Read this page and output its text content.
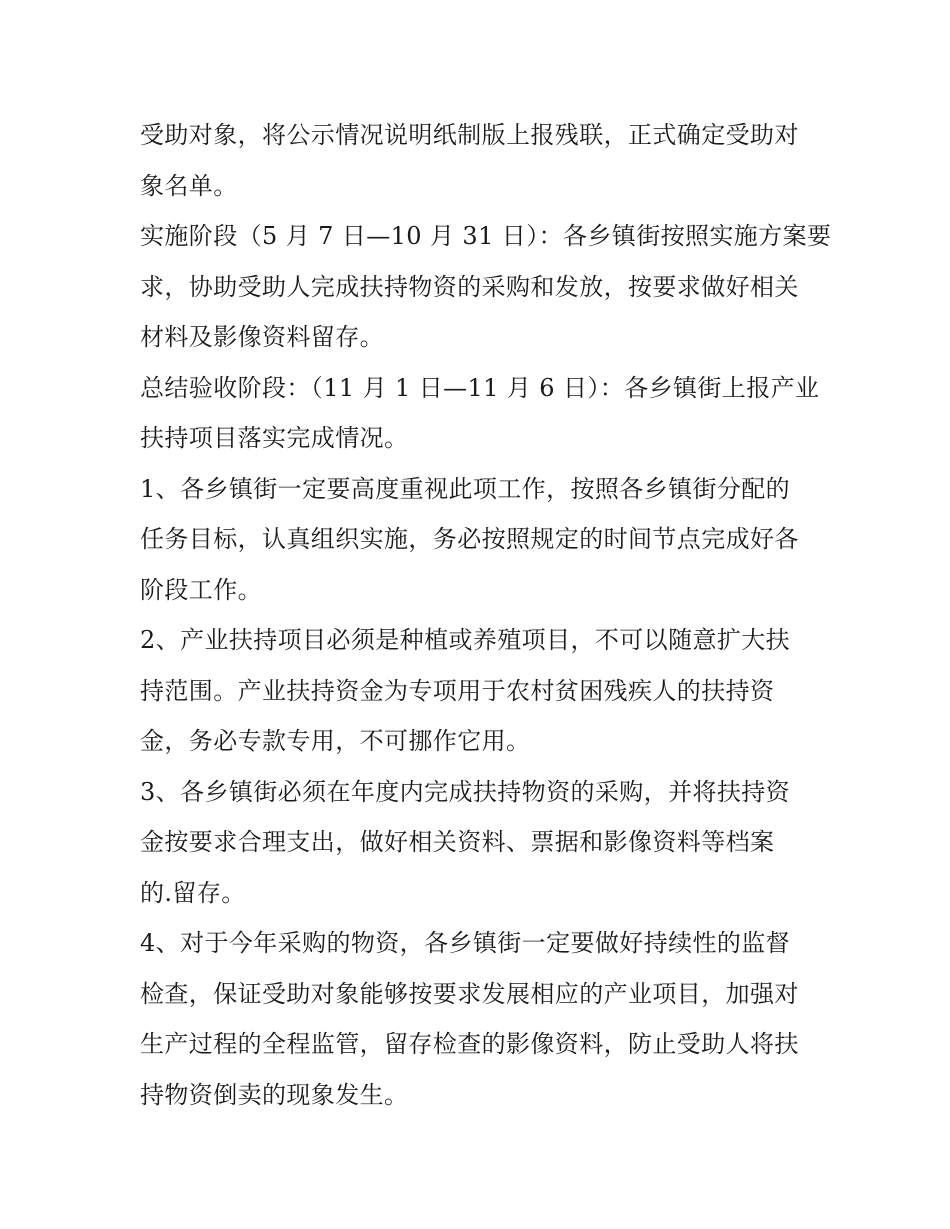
受助对象，将公示情况说明纸制版上报残联，正式确定受助对

象名单。

实施阶段（5 月 7 日—10 月 31 日）：各乡镇街按照实施方案要

求，协助受助人完成扶持物资的采购和发放，按要求做好相关

材料及影像资料留存。

总结验收阶段：（11 月 1 日—11 月 6 日）：各乡镇街上报产业

扶持项目落实完成情况。

1、各乡镇街一定要高度重视此项工作，按照各乡镇街分配的

任务目标，认真组织实施，务必按照规定的时间节点完成好各

阶段工作。

2、产业扶持项目必须是种植或养殖项目，不可以随意扩大扶

持范围。产业扶持资金为专项用于农村贫困残疾人的扶持资

金，务必专款专用，不可挪作它用。

3、各乡镇街必须在年度内完成扶持物资的采购，并将扶持资

金按要求合理支出，做好相关资料、票据和影像资料等档案

的.留存。

4、对于今年采购的物资，各乡镇街一定要做好持续性的监督

检查，保证受助对象能够按要求发展相应的产业项目，加强对

生产过程的全程监管，留存检查的影像资料，防止受助人将扶

持物资倒卖的现象发生。
